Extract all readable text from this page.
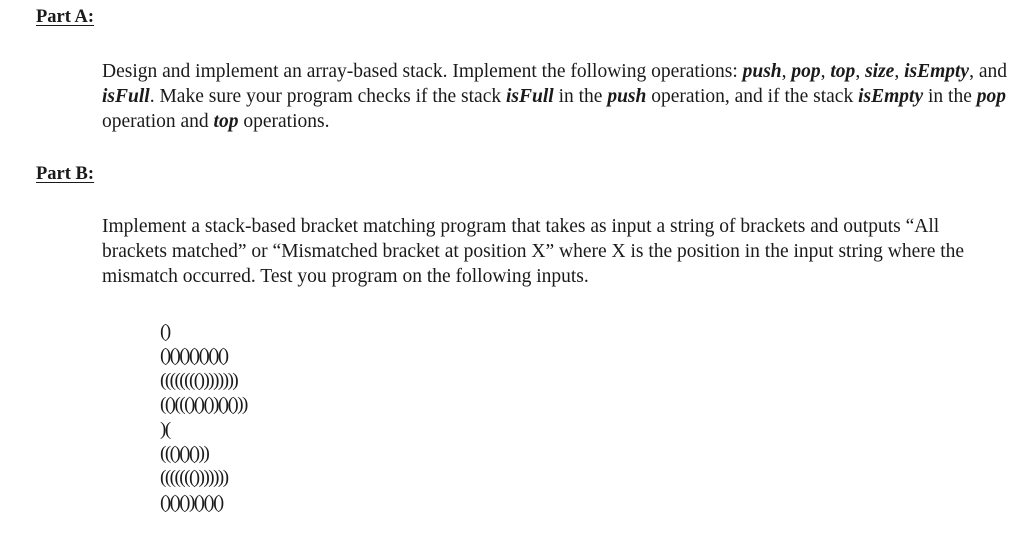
Part A:

Design and implement an array-based stack. Implement the following operations: push, pop, top, size, isEmpty, and isFull. Make sure your program checks if the stack isFull in the push operation, and if the stack isEmpty in the pop operation and top operations.

Part B:

Implement a stack-based bracket matching program that takes as input a string of brackets and outputs “All brackets matched” or “Mismatched bracket at position X” where X is the position in the input string where the mismatch occurred. Test you program on the following inputs.

()
()()()()()()()
(((((((())))))))
(()((()()())()()))
)(
((()()()))
((((((()))))))
()()())()()()
